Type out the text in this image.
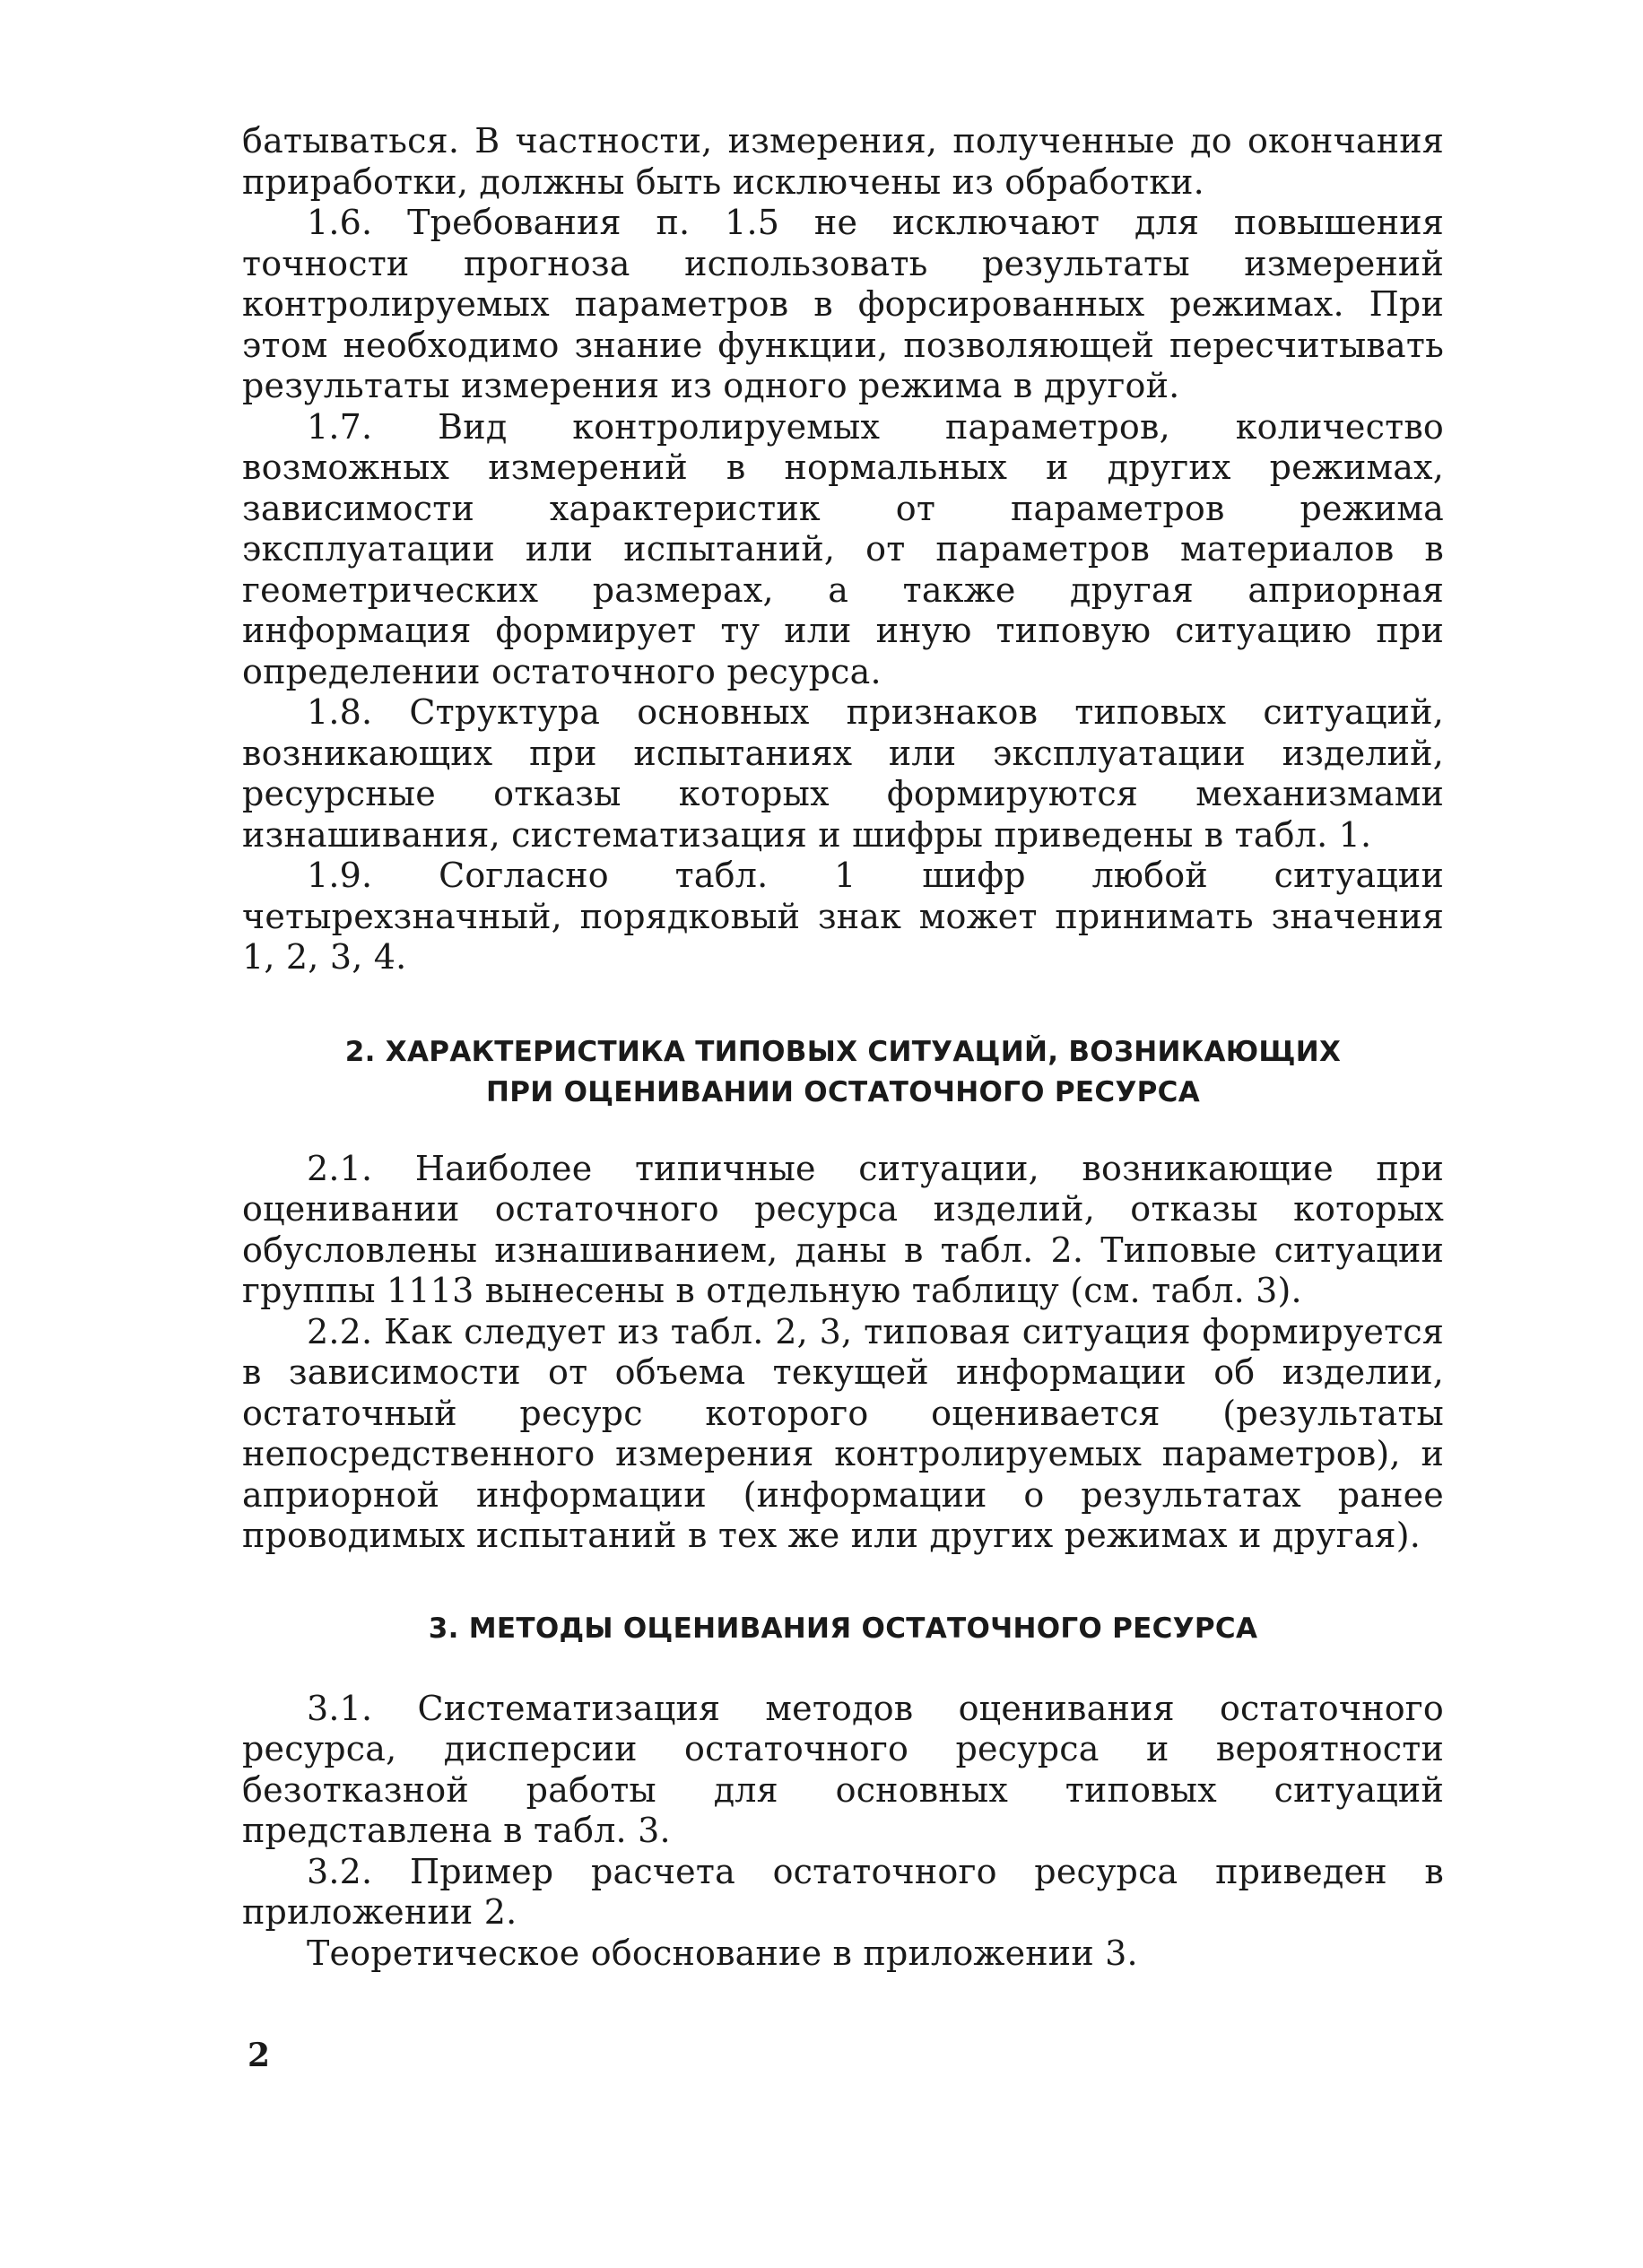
батываться. В частности, измерения, полученные до окончания приработки, должны быть исключены из обработки.

1.6. Требования п. 1.5 не исключают для повышения точности прогноза использовать результаты измерений контролируемых параметров в форсированных режимах. При этом необходимо знание функции, позволяющей пересчитывать результаты измерения из одного режима в другой.

1.7. Вид контролируемых параметров, количество возможных измерений в нормальных и других режимах, зависимости характеристик от параметров режима эксплуатации или испытаний, от параметров материалов в геометрических размерах, а также другая априорная информация формирует ту или иную типовую ситуацию при определении остаточного ресурса.

1.8. Структура основных признаков типовых ситуаций, возникающих при испытаниях или эксплуатации изделий, ресурсные отказы которых формируются механизмами изнашивания, систематизация и шифры приведены в табл. 1.

1.9. Согласно табл. 1 шифр любой ситуации четырехзначный, порядковый знак может принимать значения 1, 2, 3, 4.

2. ХАРАКТЕРИСТИКА ТИПОВЫХ СИТУАЦИЙ, ВОЗНИКАЮЩИХ
ПРИ ОЦЕНИВАНИИ ОСТАТОЧНОГО РЕСУРСА

2.1. Наиболее типичные ситуации, возникающие при оценивании остаточного ресурса изделий, отказы которых обусловлены изнашиванием, даны в табл. 2. Типовые ситуации группы 1113 вынесены в отдельную таблицу (см. табл. 3).

2.2. Как следует из табл. 2, 3, типовая ситуация формируется в зависимости от объема текущей информации об изделии, остаточный ресурс которого оценивается (результаты непосредственного измерения контролируемых параметров), и априорной информации (информации о результатах ранее проводимых испытаний в тех же или других режимах и другая).

3. МЕТОДЫ ОЦЕНИВАНИЯ ОСТАТОЧНОГО РЕСУРСА

3.1. Систематизация методов оценивания остаточного ресурса, дисперсии остаточного ресурса и вероятности безотказной работы для основных типовых ситуаций представлена в табл. 3.

3.2. Пример расчета остаточного ресурса приведен в приложении 2.

Теоретическое обоснование в приложении 3.

2
